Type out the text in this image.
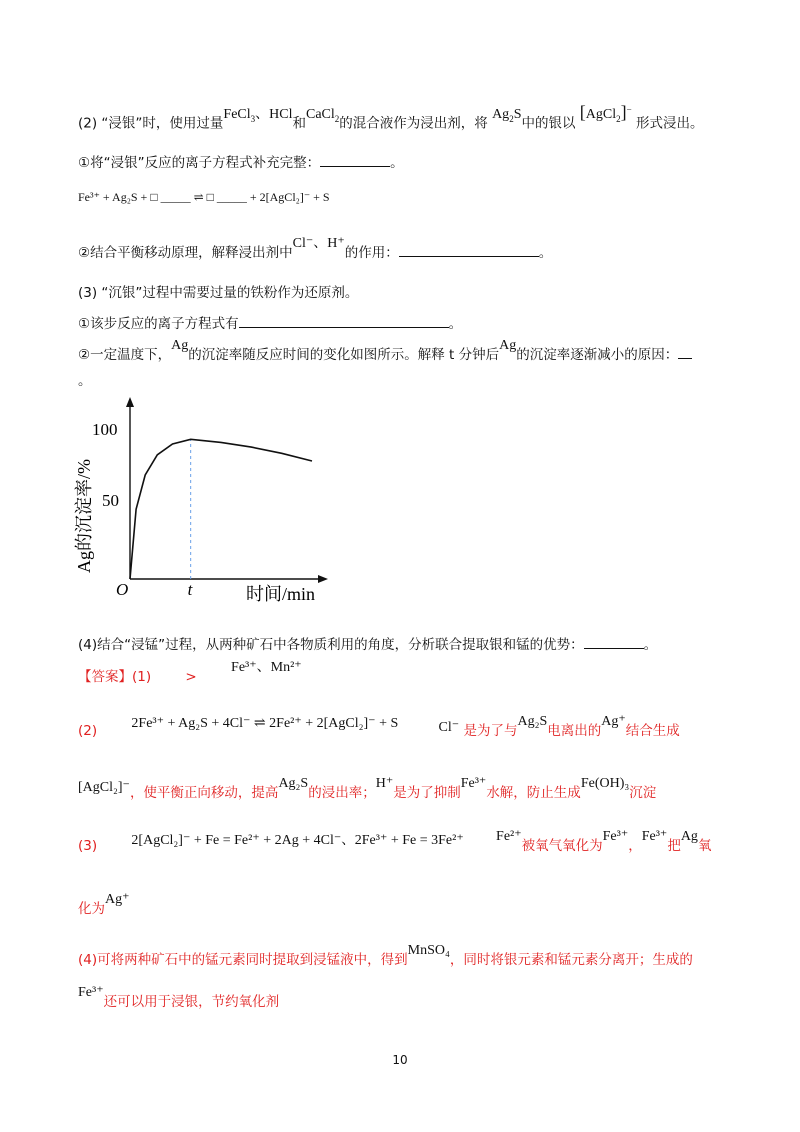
(2) “浸银”时，使用过量FeCl$_3$、HCl和CaCl$_2$的混合液作为浸出剂，将 $Ag_2S$中的银以 [AgCl$_2$]− 形式浸出。
①将“浸银”反应的离子方程式补充完整：	。
Fe³⁺ + Ag₂S + □ _____ ⇌ □ _____ + 2[AgCl₂]⁻ + S
②结合平衡移动原理，解释浸出剂中Cl⁻、H⁺的作用：	。
(3) “沉银”过程中需要过量的铁粉作为还原剂。
①该步反应的离子方程式有	。
②一定温度下，Ag的沉淀率随反应时间的变化如图所示。解释 t 分钟后Ag的沉淀率逐渐减小的原因：
。
100
50
O	t	时间/min
Ag的沉淀率/%
(4)结合“浸锰”过程，从两种矿石中各物质利用的角度，分析联合提取银和锰的优势：	。
【答案】(1)	> Fe³⁺、Mn²⁺
(2) 2Fe³⁺ + Ag₂S + 4Cl⁻ ⇌ 2Fe²⁺ + 2[AgCl₂]⁻ + S	Cl⁻ 是为了与Ag₂S电离出的Ag⁺结合生成
[AgCl₂]⁻，使平衡正向移动，提高Ag₂S的浸出率；H⁺是为了抑制Fe³⁺水解，防止生成Fe(OH)₃沉淀
(3) 2[AgCl₂]⁻ + Fe = Fe²⁺ + 2Ag + 4Cl⁻、2Fe³⁺ + Fe = 3Fe²⁺ Fe²⁺被氧气氧化为Fe³⁺，Fe³⁺把Ag氧
化为Ag⁺
(4)可将两种矿石中的锰元素同时提取到浸锰液中，得到MnSO₄，同时将银元素和锰元素分离开；生成的
Fe³⁺还可以用于浸银，节约氧化剂
10
